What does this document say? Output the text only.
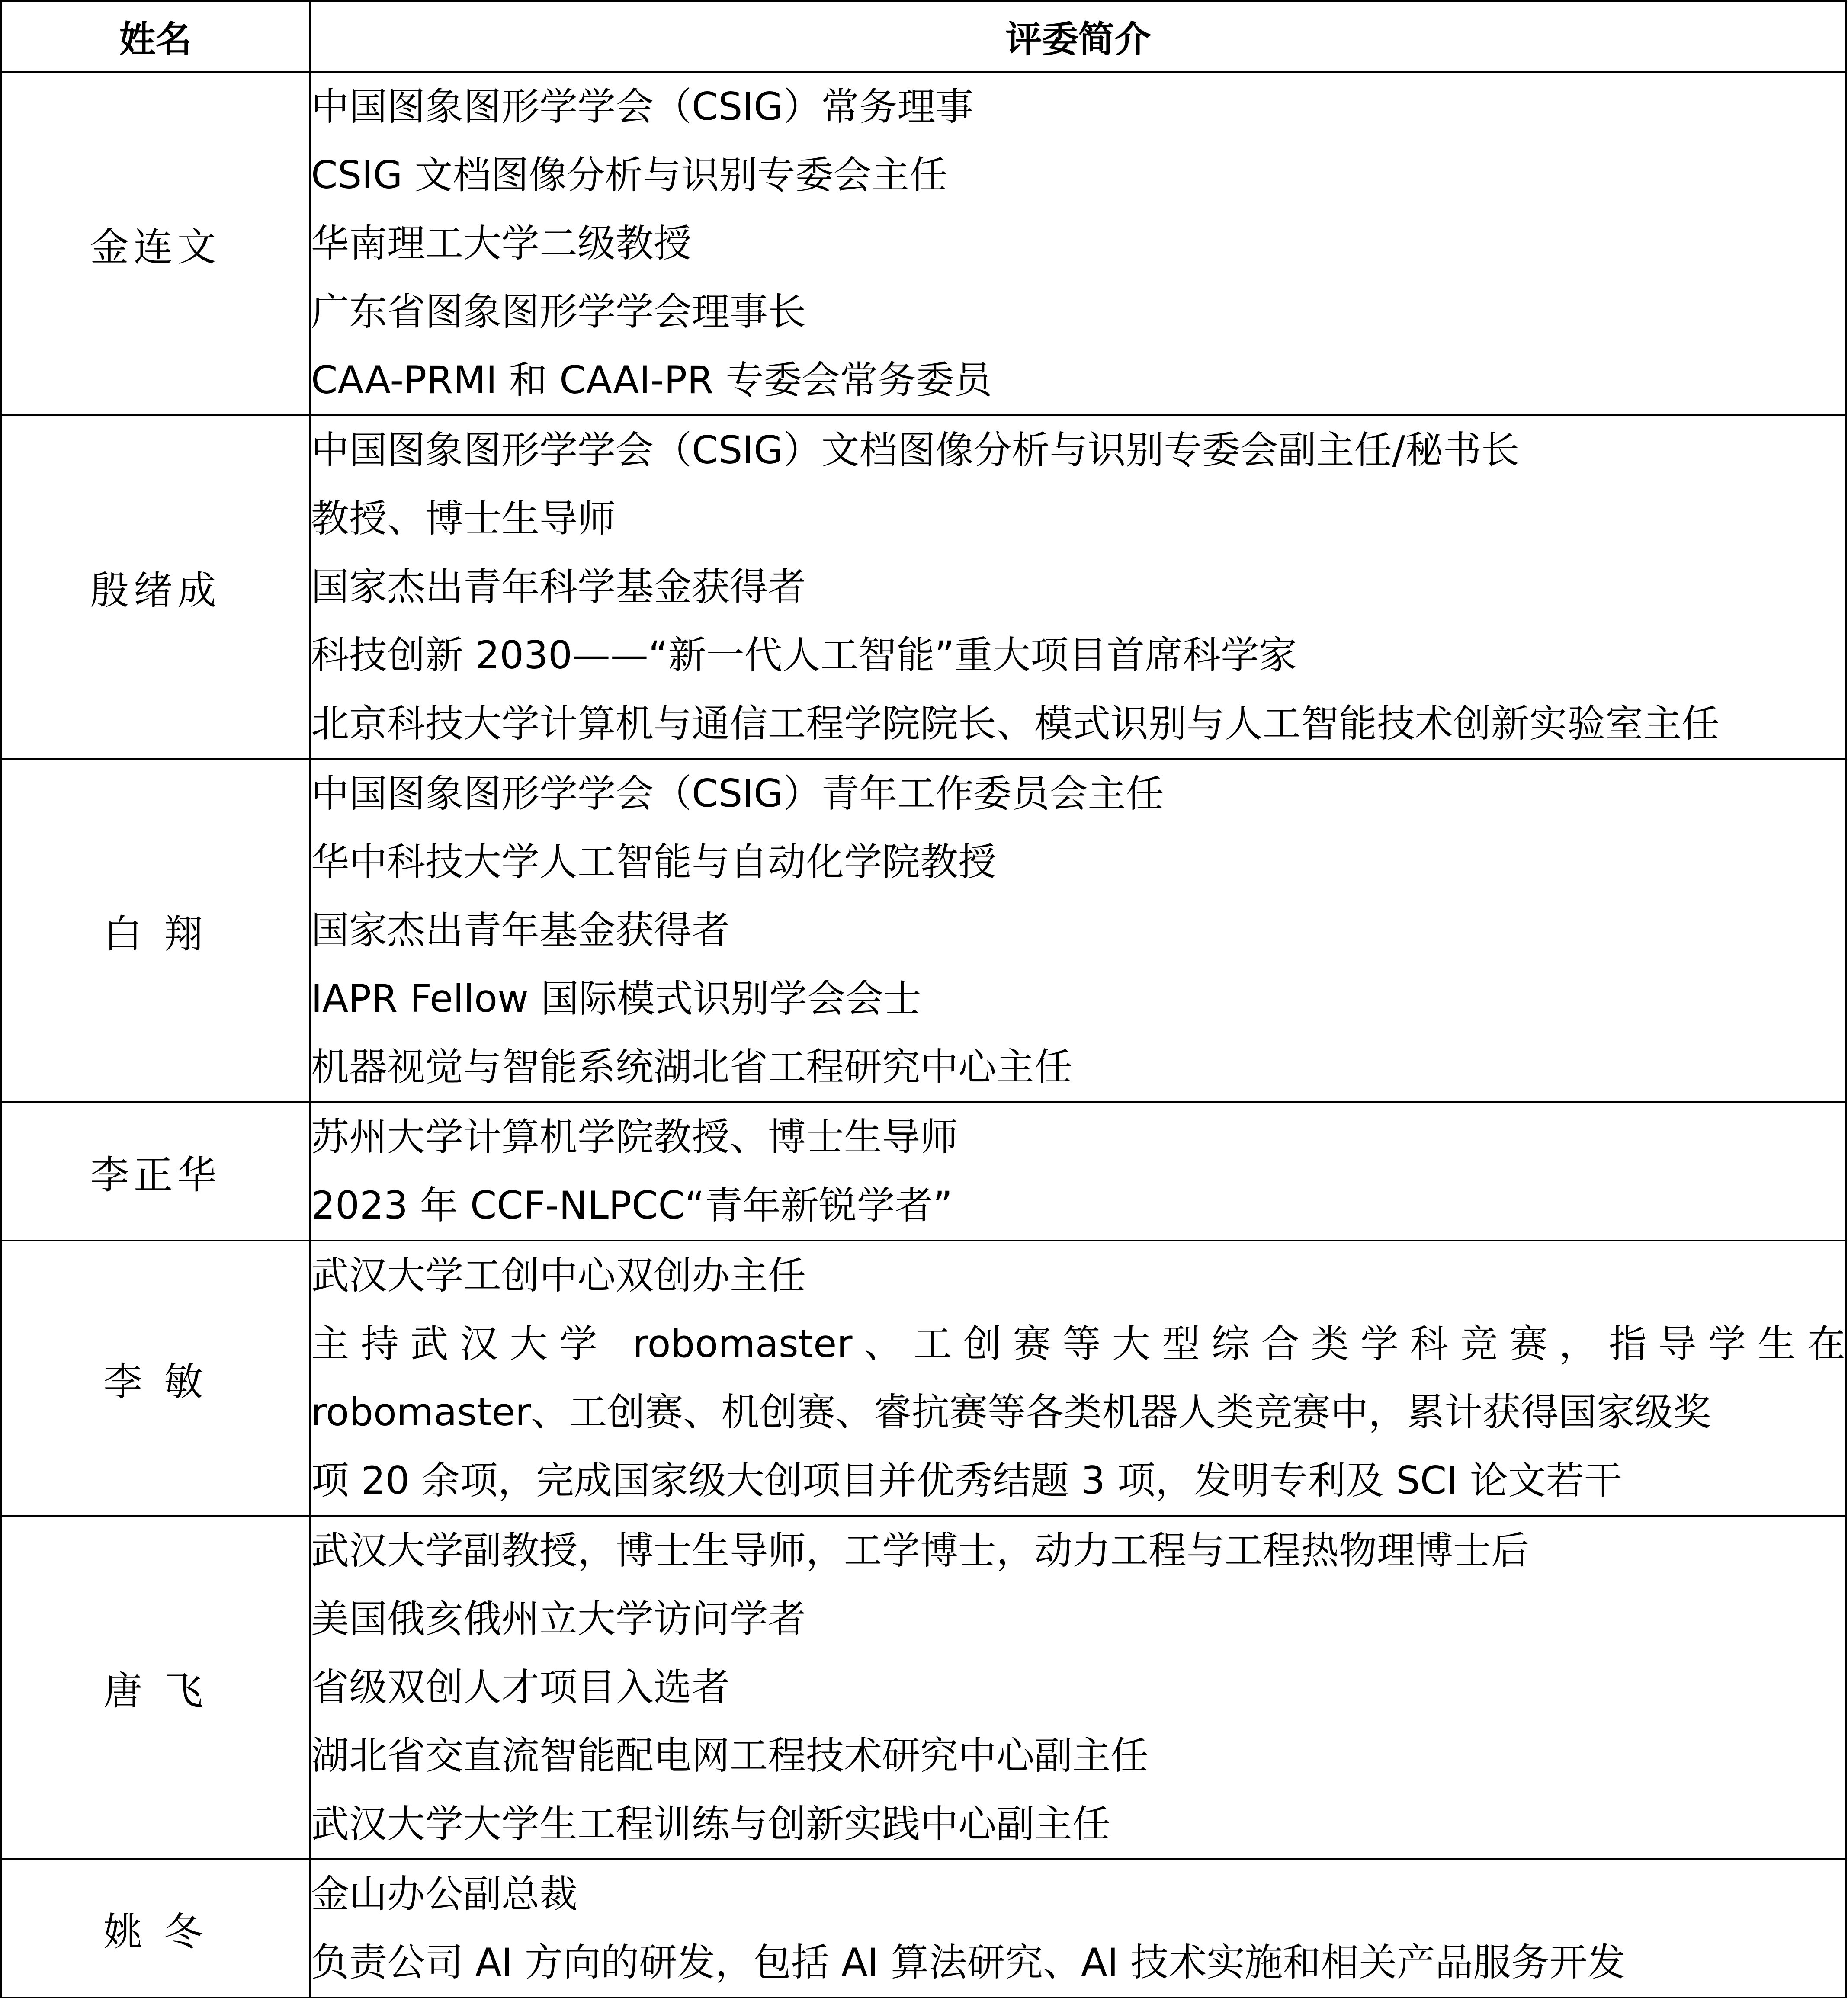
姓名	评委简介
金连文	中国图象图形学学会（CSIG）常务理事
CSIG 文档图像分析与识别专委会主任
华南理工大学二级教授
广东省图象图形学学会理事长
CAA-PRMI 和 CAAI-PR 专委会常务委员

殷绪成	中国图象图形学学会（CSIG）文档图像分析与识别专委会副主任/秘书长
教授、博士生导师
国家杰出青年科学基金获得者
科技创新 2030——“新一代人工智能”重大项目首席科学家
北京科技大学计算机与通信工程学院院长、模式识别与人工智能技术创新实验室主任

白 翔	中国图象图形学学会（CSIG）青年工作委员会主任
华中科技大学人工智能与自动化学院教授
国家杰出青年基金获得者
IAPR Fellow 国际模式识别学会会士
机器视觉与智能系统湖北省工程研究中心主任

李正华	苏州大学计算机学院教授、博士生导师
2023 年 CCF-NLPCC“青年新锐学者”

李 敏	武汉大学工创中心双创办主任
主持武汉大学 robomaster、工创赛等大型综合类学科竞赛，指导学生在
robomaster、工创赛、机创赛、睿抗赛等各类机器人类竞赛中，累计获得国家级奖
项 20 余项，完成国家级大创项目并优秀结题 3 项，发明专利及 SCI 论文若干

唐 飞	武汉大学副教授，博士生导师，工学博士，动力工程与工程热物理博士后
美国俄亥俄州立大学访问学者
省级双创人才项目入选者
湖北省交直流智能配电网工程技术研究中心副主任
武汉大学大学生工程训练与创新实践中心副主任

姚 冬	金山办公副总裁
负责公司 AI 方向的研发，包括 AI 算法研究、AI 技术实施和相关产品服务开发
